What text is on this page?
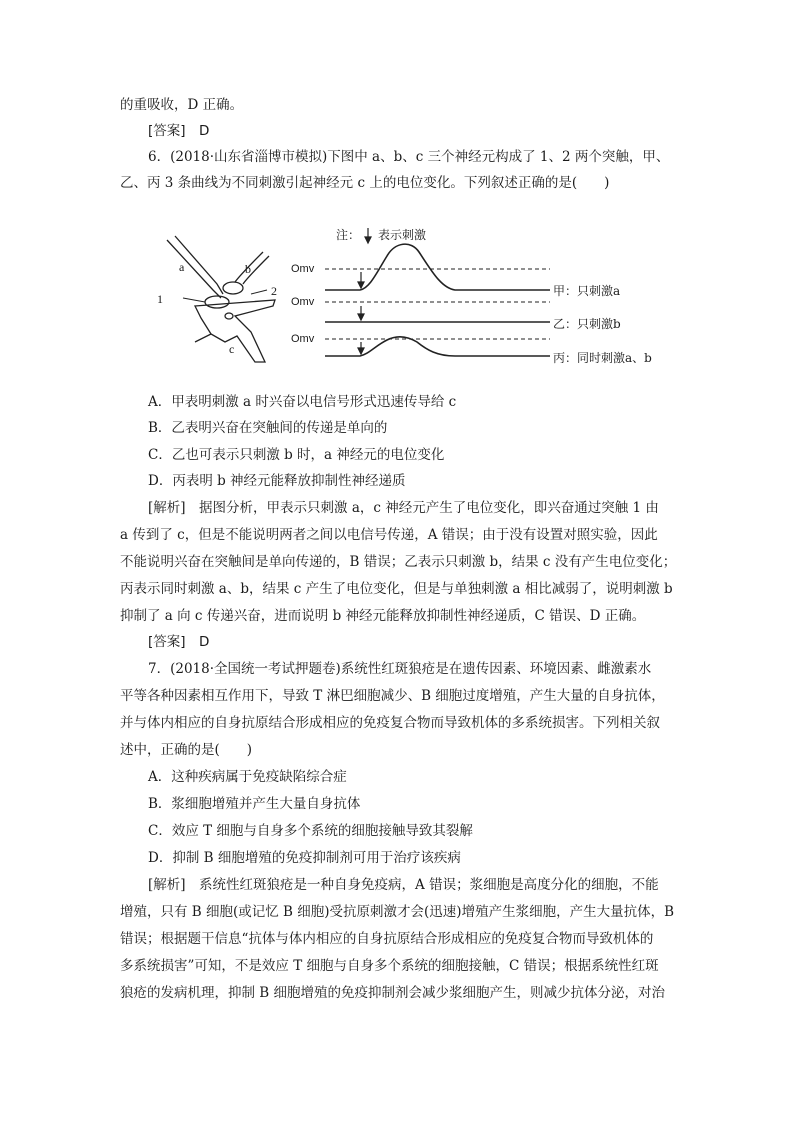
的重吸收，D 正确。
[答案]　D
6．(2018·山东省淄博市模拟)下图中 a、b、c 三个神经元构成了 1、2 两个突触，甲、
乙、丙 3 条曲线为不同刺激引起神经元 c 上的电位变化。下列叙述正确的是(　　)
注： 表示刺激
Omv
Omv
Omv
甲：只刺激a
乙：只刺激b
丙：同时刺激a、b
a	b
c
1
2
A．甲表明刺激 a 时兴奋以电信号形式迅速传导给 c
B．乙表明兴奋在突触间的传递是单向的
C．乙也可表示只刺激 b 时，a 神经元的电位变化
D．丙表明 b 神经元能释放抑制性神经递质
[解析]　据图分析，甲表示只刺激 a，c 神经元产生了电位变化，即兴奋通过突触 1 由
a 传到了 c，但是不能说明两者之间以电信号传递，A 错误；由于没有设置对照实验，因此
不能说明兴奋在突触间是单向传递的，B 错误；乙表示只刺激 b，结果 c 没有产生电位变化；
丙表示同时刺激 a、b，结果 c 产生了电位变化，但是与单独刺激 a 相比减弱了，说明刺激 b
抑制了 a 向 c 传递兴奋，进而说明 b 神经元能释放抑制性神经递质，C 错误、D 正确。
[答案]　D
7．(2018·全国统一考试押题卷)系统性红斑狼疮是在遗传因素、环境因素、雌激素水
平等各种因素相互作用下，导致 T 淋巴细胞减少、B 细胞过度增殖，产生大量的自身抗体，
并与体内相应的自身抗原结合形成相应的免疫复合物而导致机体的多系统损害。下列相关叙
述中，正确的是(　　)
A．这种疾病属于免疫缺陷综合症
B．浆细胞增殖并产生大量自身抗体
C．效应 T 细胞与自身多个系统的细胞接触导致其裂解
D．抑制 B 细胞增殖的免疫抑制剂可用于治疗该疾病
[解析]　系统性红斑狼疮是一种自身免疫病，A 错误；浆细胞是高度分化的细胞，不能
增殖，只有 B 细胞(或记忆 B 细胞)受抗原刺激才会(迅速)增殖产生浆细胞，产生大量抗体，B
错误；根据题干信息“抗体与体内相应的自身抗原结合形成相应的免疫复合物而导致机体的
多系统损害”可知，不是效应 T 细胞与自身多个系统的细胞接触，C 错误；根据系统性红斑
狼疮的发病机理，抑制 B 细胞增殖的免疫抑制剂会减少浆细胞产生，则减少抗体分泌，对治
